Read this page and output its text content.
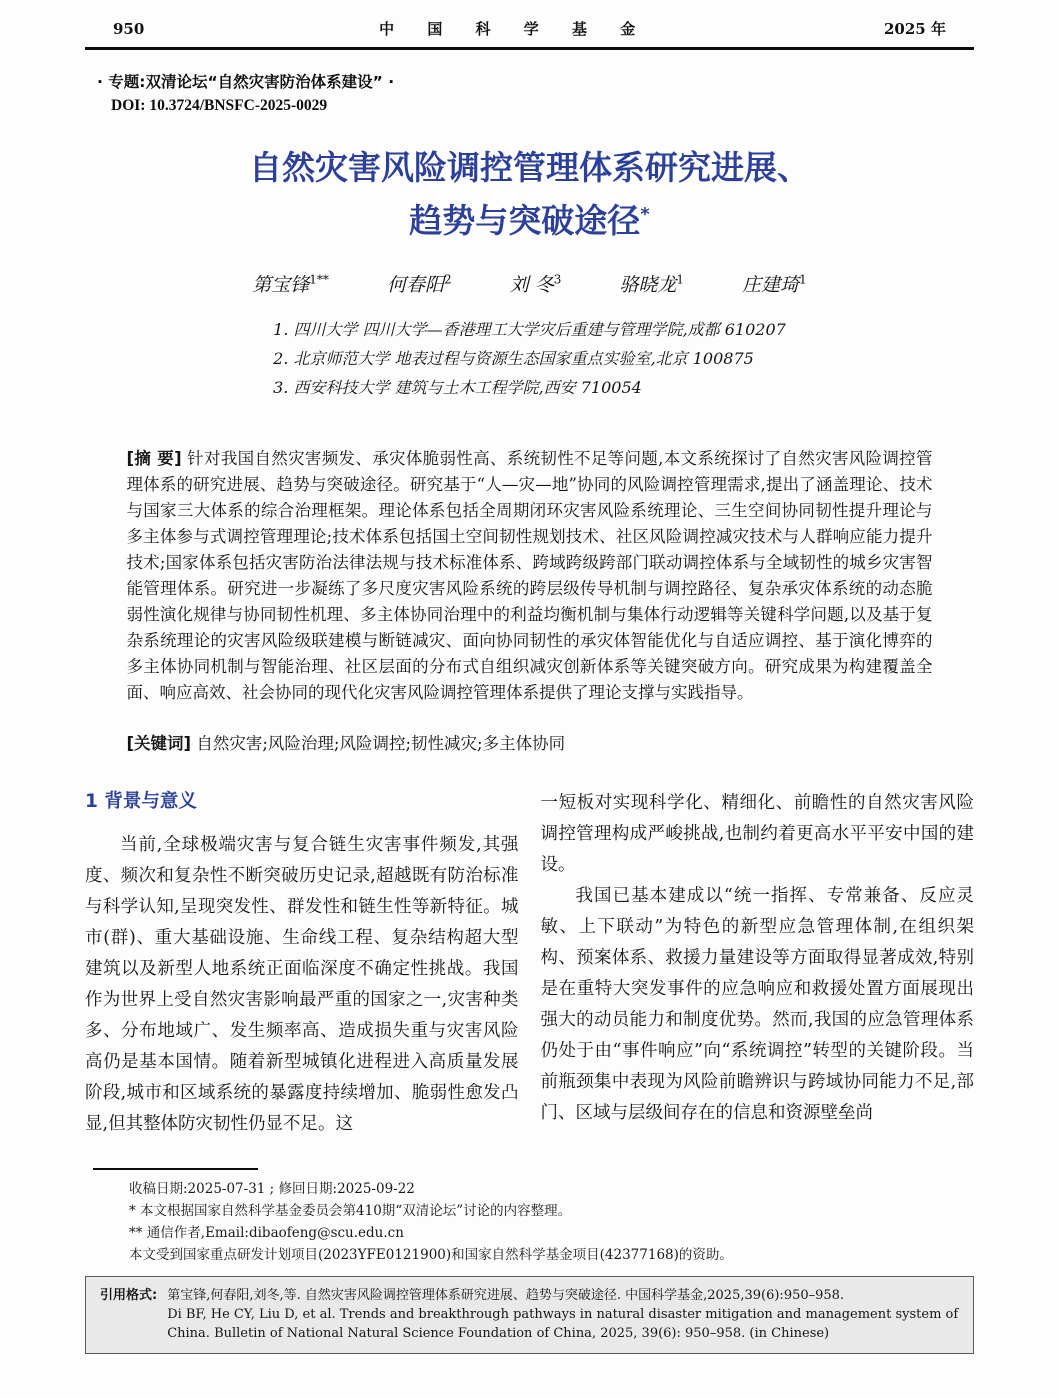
950	中 国 科 学 基 金	2025 年
· 专题:双清论坛“自然灾害防治体系建设” ·
DOI: 10.3724/BNSFC-2025-0029
自然灾害风险调控管理体系研究进展、
趋势与突破途径*
第宝锋$^{1**}$	何春阳$^2$	刘 冬$^3$	骆晓龙$^1$	庄建琦$^1$
1. 四川大学 四川大学—香港理工大学灾后重建与管理学院,成都 610207
2. 北京师范大学 地表过程与资源生态国家重点实验室,北京 100875
3. 西安科技大学 建筑与土木工程学院,西安 710054

[摘 要] 针对我国自然灾害频发、承灾体脆弱性高、系统韧性不足等问题,本文系统探讨了自然灾害风险调控管理体系的研究进展、趋势与突破途径。研究基于“人—灾—地”协同的风险调控管理需求,提出了涵盖理论、技术与国家三大体系的综合治理框架。理论体系包括全周期闭环灾害风险系统理论、三生空间协同韧性提升理论与多主体参与式调控管理理论;技术体系包括国土空间韧性规划技术、社区风险调控减灾技术与人群响应能力提升技术;国家体系包括灾害防治法律法规与技术标准体系、跨域跨级跨部门联动调控体系与全域韧性的城乡灾害智能管理体系。研究进一步凝练了多尺度灾害风险系统的跨层级传导机制与调控路径、复杂承灾体系统的动态脆弱性演化规律与协同韧性机理、多主体协同治理中的利益均衡机制与集体行动逻辑等关键科学问题,以及基于复杂系统理论的灾害风险级联建模与断链减灾、面向协同韧性的承灾体智能优化与自适应调控、基于演化博弈的多主体协同机制与智能治理、社区层面的分布式自组织减灾创新体系等关键突破方向。研究成果为构建覆盖全面、响应高效、社会协同的现代化灾害风险调控管理体系提供了理论支撑与实践指导。

[关键词] 自然灾害;风险治理;风险调控;韧性减灾;多主体协同

1 背景与意义

当前,全球极端灾害与复合链生灾害事件频发,其强度、频次和复杂性不断突破历史记录,超越既有防治标准与科学认知,呈现突发性、群发性和链生性等新特征。城市(群)、重大基础设施、生命线工程、复杂结构超大型建筑以及新型人地系统正面临深度不确定性挑战。我国作为世界上受自然灾害影响最严重的国家之一,灾害种类多、分布地域广、发生频率高、造成损失重与灾害风险高仍是基本国情。随着新型城镇化进程进入高质量发展阶段,城市和区域系统的暴露度持续增加、脆弱性愈发凸显,但其整体防灾韧性仍显不足。这

一短板对实现科学化、精细化、前瞻性的自然灾害风险调控管理构成严峻挑战,也制约着更高水平平安中国的建设。

我国已基本建成以“统一指挥、专常兼备、反应灵敏、上下联动”为特色的新型应急管理体制,在组织架构、预案体系、救援力量建设等方面取得显著成效,特别是在重特大突发事件的应急响应和救援处置方面展现出强大的动员能力和制度优势。然而,我国的应急管理体系仍处于由“事件响应”向“系统调控”转型的关键阶段。当前瓶颈集中表现为风险前瞻辨识与跨域协同能力不足,部门、区域与层级间存在的信息和资源壁垒尚

收稿日期:2025-07-31 ; 修回日期:2025-09-22
* 本文根据国家自然科学基金委员会第410期“双清论坛”讨论的内容整理。
** 通信作者,Email:dibaofeng@scu.edu.cn
本文受到国家重点研发计划项目(2023YFE0121900)和国家自然科学基金项目(42377168)的资助。
引用格式: 第宝锋,何春阳,刘冬,等. 自然灾害风险调控管理体系研究进展、趋势与突破途径. 中国科学基金,2025,39(6):950–958.
Di BF, He CY, Liu D, et al. Trends and breakthrough pathways in natural disaster mitigation and management system of China. Bulletin of National Natural Science Foundation of China, 2025, 39(6): 950–958. (in Chinese)
